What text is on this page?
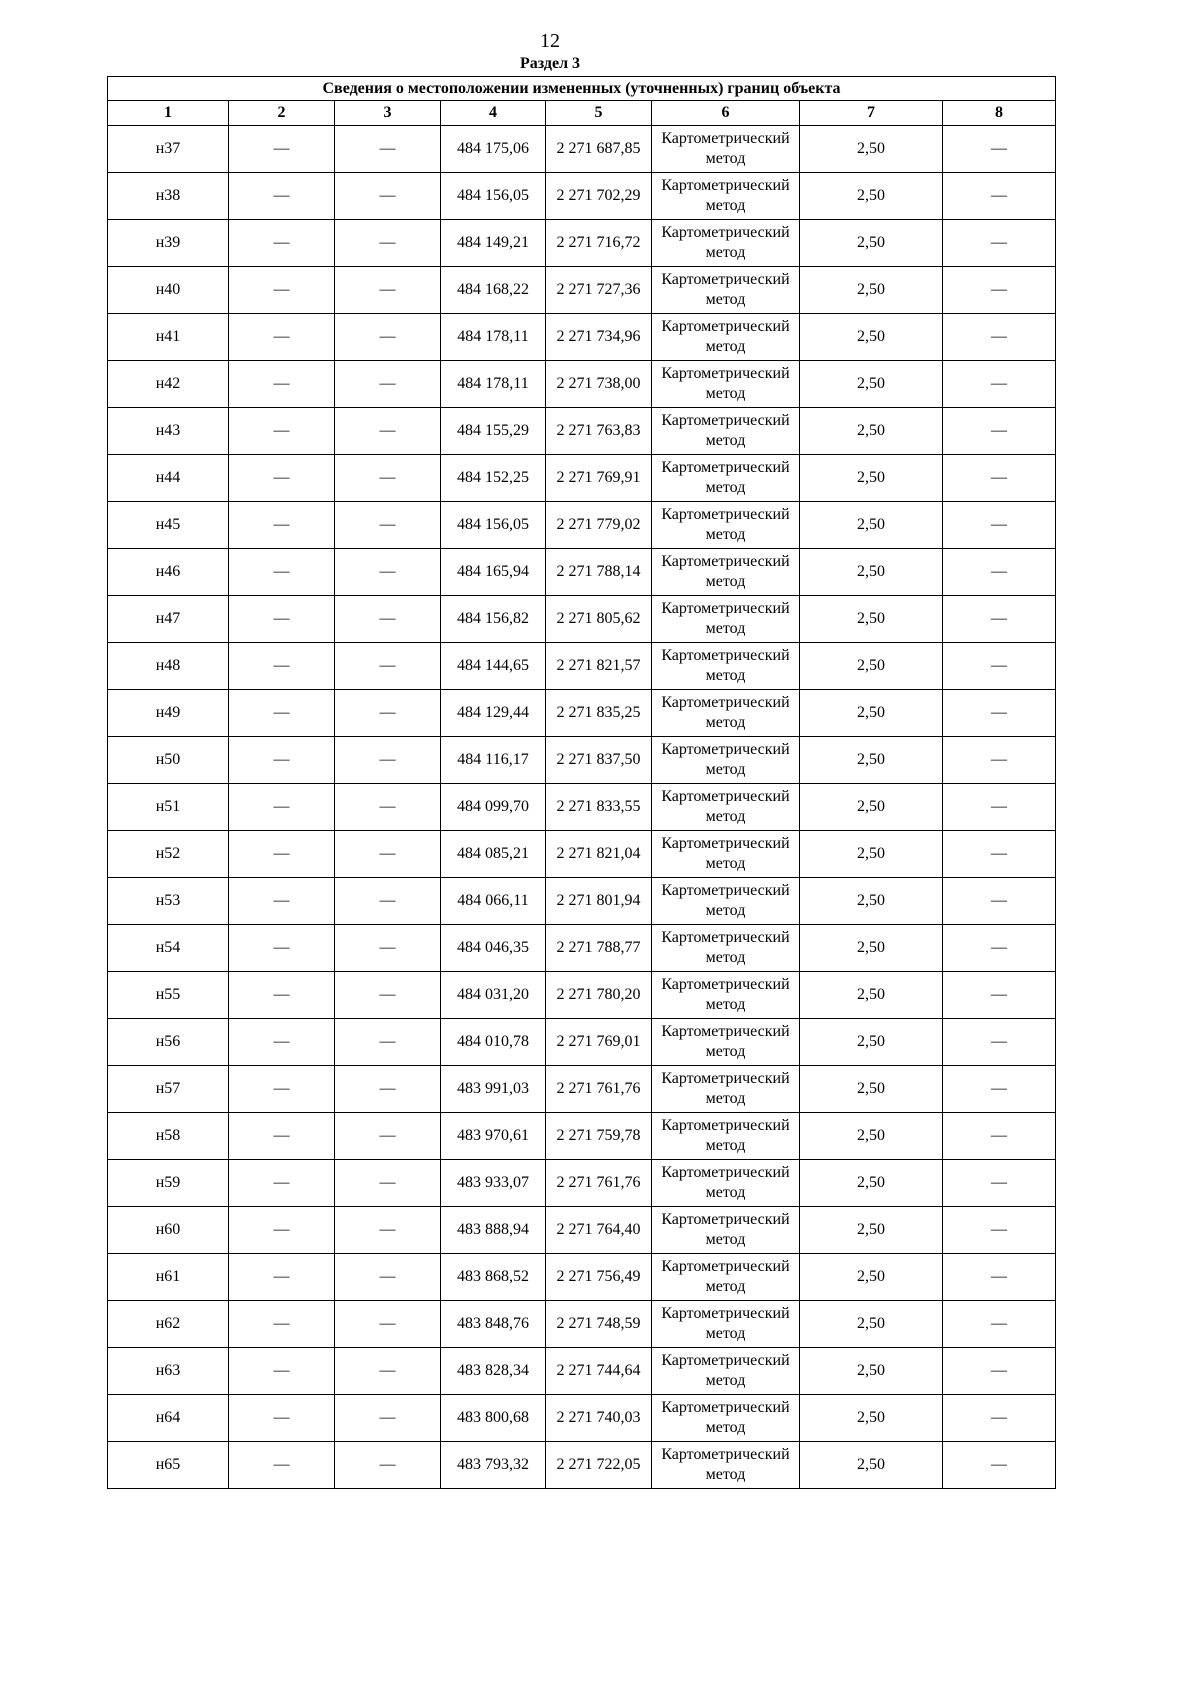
12
Раздел 3
Сведения о местоположении измененных (уточненных) границ объекта							
1	2	3	4	5	6	7	8
н37	—	—	484 175,06	2 271 687,85	Картометрический метод	2,50	—
н38	—	—	484 156,05	2 271 702,29	Картометрический метод	2,50	—
н39	—	—	484 149,21	2 271 716,72	Картометрический метод	2,50	—
н40	—	—	484 168,22	2 271 727,36	Картометрический метод	2,50	—
н41	—	—	484 178,11	2 271 734,96	Картометрический метод	2,50	—
н42	—	—	484 178,11	2 271 738,00	Картометрический метод	2,50	—
н43	—	—	484 155,29	2 271 763,83	Картометрический метод	2,50	—
н44	—	—	484 152,25	2 271 769,91	Картометрический метод	2,50	—
н45	—	—	484 156,05	2 271 779,02	Картометрический метод	2,50	—
н46	—	—	484 165,94	2 271 788,14	Картометрический метод	2,50	—
н47	—	—	484 156,82	2 271 805,62	Картометрический метод	2,50	—
н48	—	—	484 144,65	2 271 821,57	Картометрический метод	2,50	—
н49	—	—	484 129,44	2 271 835,25	Картометрический метод	2,50	—
н50	—	—	484 116,17	2 271 837,50	Картометрический метод	2,50	—
н51	—	—	484 099,70	2 271 833,55	Картометрический метод	2,50	—
н52	—	—	484 085,21	2 271 821,04	Картометрический метод	2,50	—
н53	—	—	484 066,11	2 271 801,94	Картометрический метод	2,50	—
н54	—	—	484 046,35	2 271 788,77	Картометрический метод	2,50	—
н55	—	—	484 031,20	2 271 780,20	Картометрический метод	2,50	—
н56	—	—	484 010,78	2 271 769,01	Картометрический метод	2,50	—
н57	—	—	483 991,03	2 271 761,76	Картометрический метод	2,50	—
н58	—	—	483 970,61	2 271 759,78	Картометрический метод	2,50	—
н59	—	—	483 933,07	2 271 761,76	Картометрический метод	2,50	—
н60	—	—	483 888,94	2 271 764,40	Картометрический метод	2,50	—
н61	—	—	483 868,52	2 271 756,49	Картометрический метод	2,50	—
н62	—	—	483 848,76	2 271 748,59	Картометрический метод	2,50	—
н63	—	—	483 828,34	2 271 744,64	Картометрический метод	2,50	—
н64	—	—	483 800,68	2 271 740,03	Картометрический метод	2,50	—
н65	—	—	483 793,32	2 271 722,05	Картометрический метод	2,50	—
